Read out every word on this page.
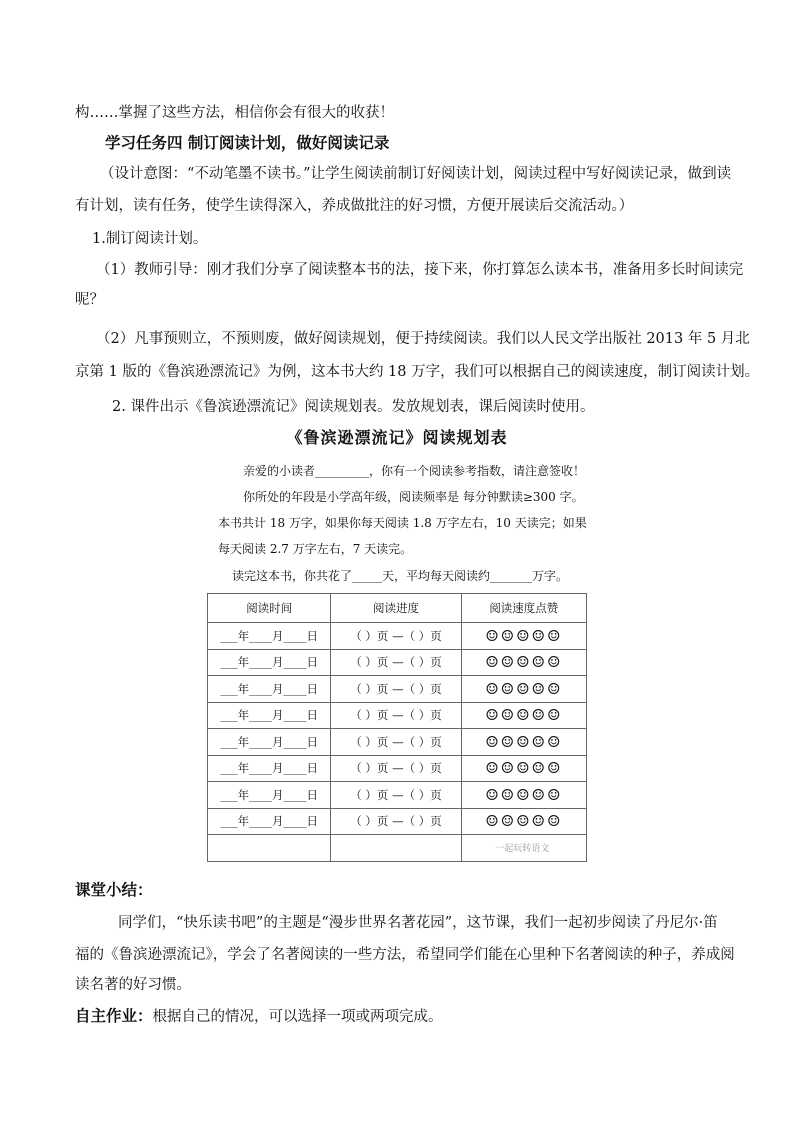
构……掌握了这些方法，相信你会有很大的收获！
学习任务四 制订阅读计划，做好阅读记录
（设计意图：“不动笔墨不读书。”让学生阅读前制订好阅读计划，阅读过程中写好阅读记录，做到读
有计划，读有任务，使学生读得深入，养成做批注的好习惯，方便开展读后交流活动。）
1.制订阅读计划。
（1）教师引导：刚才我们分享了阅读整本书的法，接下来，你打算怎么读本书，准备用多长时间读完
呢？
（2）凡事预则立，不预则废，做好阅读规划，便于持续阅读。我们以人民文学出版社 2013 年 5 月北
京第 1 版的《鲁滨逊漂流记》为例，这本书大约 18 万字，我们可以根据自己的阅读速度，制订阅读计划。
2. 课件出示《鲁滨逊漂流记》阅读规划表。发放规划表，课后阅读时使用。
《鲁滨逊漂流记》阅读规划表
亲爱的小读者_________，你有一个阅读参考指数，请注意签收！
你所处的年段是小学高年级，阅读频率是 每分钟默读≥300 字。
本书共计 18 万字，如果你每天阅读 1.8 万字左右，10 天读完；如果
每天阅读 2.7 万字左右，7 天读完。
读完这本书，你共花了_____天，平均每天阅读约_______万字。
阅读时间	阅读进度	阅读速度点赞
___年____月____日	（ ）页 —（ ）页	☺☺☺☺☺
___年____月____日	（ ）页 —（ ）页	☺☺☺☺☺
___年____月____日	（ ）页 —（ ）页	☺☺☺☺☺
___年____月____日	（ ）页 —（ ）页	☺☺☺☺☺
___年____月____日	（ ）页 —（ ）页	☺☺☺☺☺
___年____月____日	（ ）页 —（ ）页	☺☺☺☺☺
___年____月____日	（ ）页 —（ ）页	☺☺☺☺☺
___年____月____日	（ ）页 —（ ）页	☺☺☺☺☺
		一起玩转语文
课堂小结：
同学们，“快乐读书吧”的主题是“漫步世界名著花园”，这节课，我们一起初步阅读了丹尼尔·笛
福的《鲁滨逊漂流记》，学会了名著阅读的一些方法，希望同学们能在心里种下名著阅读的种子，养成阅
读名著的好习惯。
自主作业：根据自己的情况，可以选择一项或两项完成。
